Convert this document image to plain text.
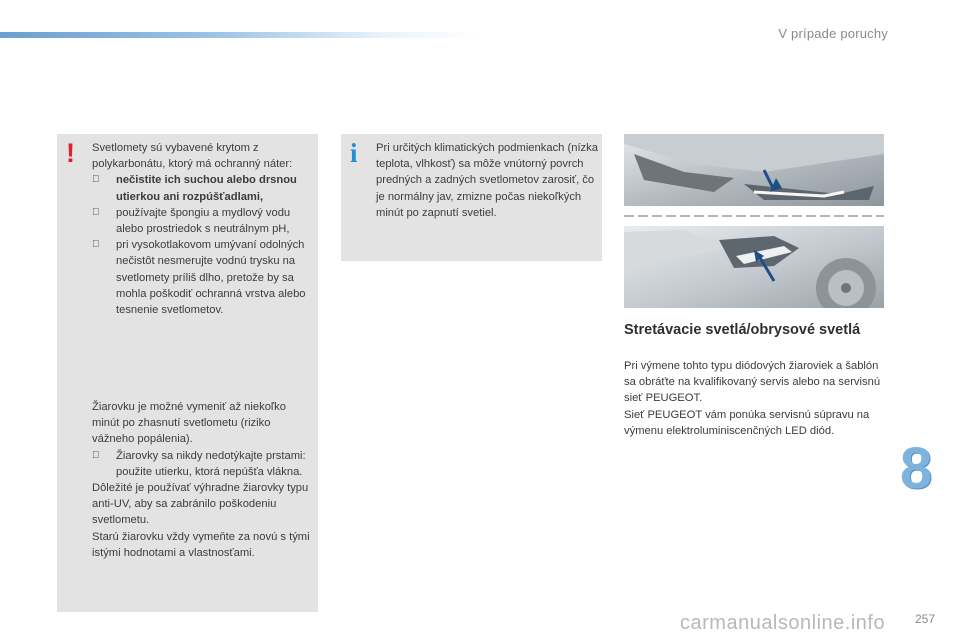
V prípade poruchy
! Svetlomety sú vybavené krytom z polykarbonátu, ktorý má ochranný náter:

nečistite ich suchou alebo drsnou utierkou ani rozpúšťadlami,
používajte špongiu a mydlový vodu alebo prostriedok s neutrálnym pH,
pri vysokotlakovom umývaní odolných nečistôt nesmerujte vodnú trysku na svetlomety príliš dlho, pretože by sa mohla poškodiť ochranná vrstva alebo tesnenie svetlometov.

Žiarovku je možné vymeniť až niekoľko minút po zhasnutí svetlometu (riziko vážneho popálenia).

Žiarovky sa nikdy nedotýkajte prstami: použite utierku, ktorá nepúšťa vlákna.

Dôležité je používať výhradne žiarovky typu anti-UV, aby sa zabránilo poškodeniu svetlometu.

Starú žiarovku vždy vymeňte za novú s tými istými hodnotami a vlastnosťami.

i Pri určitých klimatických podmienkach (nízka teplota, vlhkosť) sa môže vnútorný povrch predných a zadných svetlometov zarosiť, čo je normálny jav, zmizne počas niekoľkých minút po zapnutí svetiel.

Stretávacie svetlá/obrysové svetlá

Pri výmene tohto typu diódových žiaroviek a šablón sa obráťte na kvalifikovaný servis alebo na servisnú sieť PEUGEOT.

Sieť PEUGEOT vám ponúka servisnú súpravu na výmenu elektroluminiscenčných LED diód.

8
carmanualsonline.info 257
